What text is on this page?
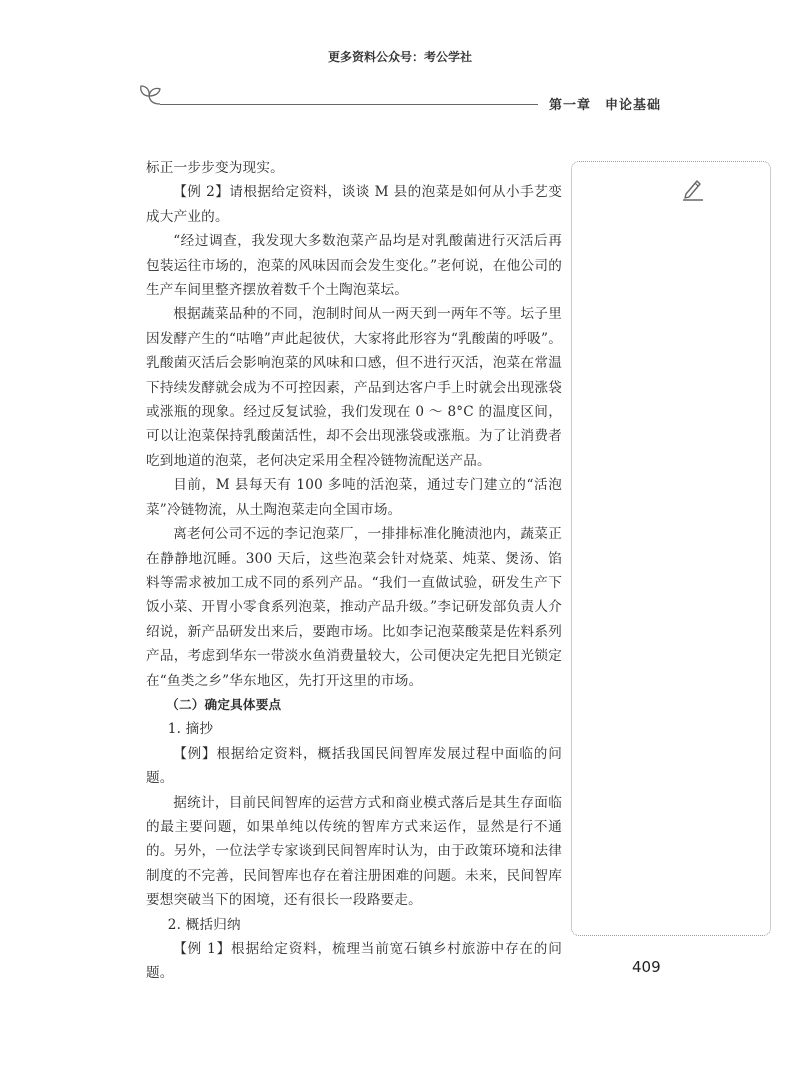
更多资料公众号：考公学社
第一章 申论基础

标正一步步变为现实。

【例 2】请根据给定资料，谈谈 M 县的泡菜是如何从小手艺变成大产业的。

“经过调查，我发现大多数泡菜产品均是对乳酸菌进行灭活后再包装运往市场的，泡菜的风味因而会发生变化。”老何说，在他公司的生产车间里整齐摆放着数千个土陶泡菜坛。

根据蔬菜品种的不同，泡制时间从一两天到一两年不等。坛子里因发酵产生的“咕噜”声此起彼伏，大家将此形容为“乳酸菌的呼吸”。乳酸菌灭活后会影响泡菜的风味和口感，但不进行灭活，泡菜在常温下持续发酵就会成为不可控因素，产品到达客户手上时就会出现涨袋或涨瓶的现象。经过反复试验，我们发现在 0 ～ 8°C 的温度区间，可以让泡菜保持乳酸菌活性，却不会出现涨袋或涨瓶。为了让消费者吃到地道的泡菜，老何决定采用全程冷链物流配送产品。

目前，M 县每天有 100 多吨的活泡菜，通过专门建立的“活泡菜”冷链物流，从土陶泡菜走向全国市场。

离老何公司不远的李记泡菜厂，一排排标准化腌渍池内，蔬菜正在静静地沉睡。300 天后，这些泡菜会针对烧菜、炖菜、煲汤、馅料等需求被加工成不同的系列产品。“我们一直做试验，研发生产下饭小菜、开胃小零食系列泡菜，推动产品升级。”李记研发部负责人介绍说，新产品研发出来后，要跑市场。比如李记泡菜酸菜是佐料系列产品，考虑到华东一带淡水鱼消费量较大，公司便决定先把目光锁定在“鱼类之乡”华东地区，先打开这里的市场。

（二）确定具体要点

1. 摘抄

【例】根据给定资料，概括我国民间智库发展过程中面临的问题。

据统计，目前民间智库的运营方式和商业模式落后是其生存面临的最主要问题，如果单纯以传统的智库方式来运作，显然是行不通的。另外，一位法学专家谈到民间智库时认为，由于政策环境和法律制度的不完善，民间智库也存在着注册困难的问题。未来，民间智库要想突破当下的困境，还有很长一段路要走。

2. 概括归纳

【例 1】根据给定资料，梳理当前宽石镇乡村旅游中存在的问题。	409
